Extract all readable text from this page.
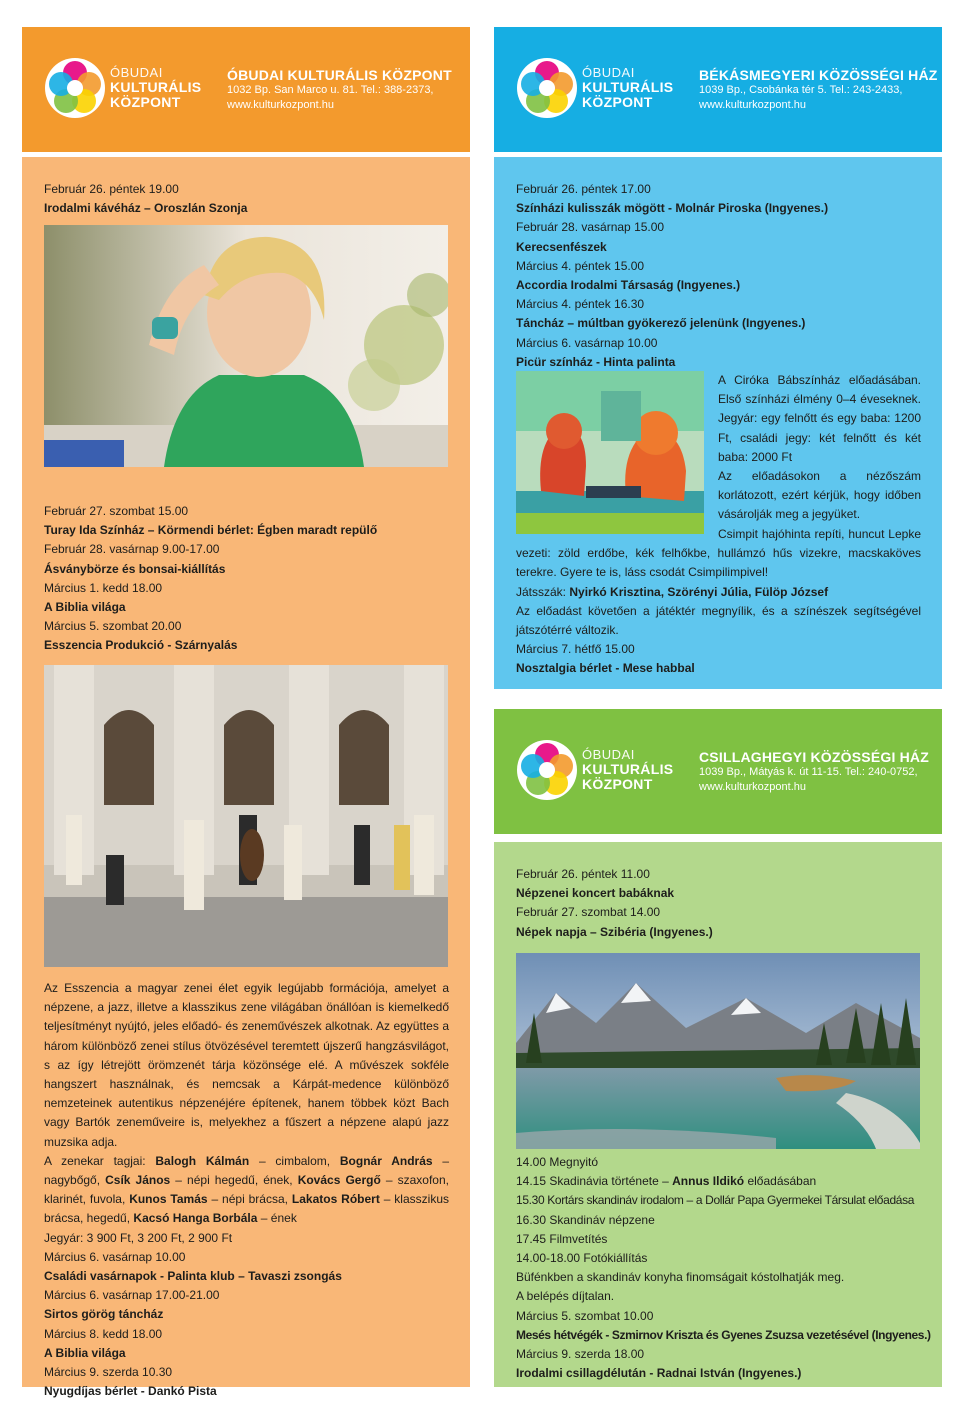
ÓBUDAI
KULTURÁLIS
KÖZPONT
ÓBUDAI KULTURÁLIS KÖZPONT
1032 Bp. San Marco u. 81. Tel.: 388-2373,
www.kulturkozpont.hu
Február 26. péntek 19.00
Irodalmi kávéház – Oroszlán Szonja
Február 27. szombat 15.00
Turay Ida Színház – Körmendi bérlet: Égben maradt repülő
Február 28. vasárnap 9.00-17.00
Ásványbörze és bonsai-kiállítás
Március 1. kedd 18.00
A Biblia világa
Március 5. szombat 20.00
Esszencia Produkció - Szárnyalás
Az Esszencia a magyar zenei élet egyik legújabb formációja, amelyet a népzene, a jazz, illetve a klasszikus zene világában önállóan is kiemelkedő teljesítményt nyújtó, jeles előadó- és zeneművészek alkotnak. Az együttes a három különböző zenei stílus ötvözésével teremtett újszerű hangzásvilágot, s az így létrejött örömzenét tárja közönsége elé. A művészek sokféle hangszert használnak, és nemcsak a Kárpát-medence különböző nemzeteinek autentikus népzenéjére építenek, hanem többek közt Bach vagy Bartók zeneműveire is, melyekhez a fűszert a népzene alapú jazz muzsika adja.
A zenekar tagjai: Balogh Kálmán – cimbalom, Bognár András – nagybőgő, Csík János – népi hegedű, ének, Kovács Gergő – szaxofon, klarinét, fuvola, Kunos Tamás – népi brácsa, Lakatos Róbert – klasszikus brácsa, hegedű, Kacsó Hanga Borbála – ének
Jegyár: 3 900 Ft, 3 200 Ft, 2 900 Ft
Március 6. vasárnap 10.00
Családi vasárnapok - Palinta klub – Tavaszi zsongás
Március 6. vasárnap 17.00-21.00
Sirtos görög táncház
Március 8. kedd 18.00
A Biblia világa
Március 9. szerda 10.30
Nyugdíjas bérlet - Dankó Pista
ÓBUDAI
KULTURÁLIS
KÖZPONT
BÉKÁSMEGYERI KÖZÖSSÉGI HÁZ
1039 Bp., Csobánka tér 5. Tel.: 243-2433,
www.kulturkozpont.hu
Február 26. péntek 17.00
Színházi kulisszák mögött - Molnár Piroska (Ingyenes.)
Február 28. vasárnap 15.00
Kerecsenfészek
Március 4. péntek 15.00
Accordia Irodalmi Társaság (Ingyenes.)
Március 4. péntek 16.30
Táncház – múltban gyökerező jelenünk (Ingyenes.)
Március 6. vasárnap 10.00
Picür színház - Hinta palinta
A Ciróka Bábszínház előadásában. Első színházi élmény 0–4 éveseknek. Jegyár: egy felnőtt és egy baba: 1200 Ft, családi jegy: két felnőtt és két baba: 2000 Ft
Az előadásokon a nézőszám korlátozott, ezért kérjük, hogy időben vásárolják meg a jegyüket.
Csimpit hajóhinta repíti, huncut Lepke vezeti: zöld erdőbe, kék felhőkbe, hullámzó hűs vizekre, macskaköves terekre. Gyere te is, láss csodát Csimpilimpivel!
Játsszák: Nyirkó Krisztina, Szörényi Júlia, Fülöp József
Az előadást követően a játéktér megnyílik, és a színészek segítségével játszótérré változik.
Március 7. hétfő 15.00
Nosztalgia bérlet - Mese habbal
ÓBUDAI
KULTURÁLIS
KÖZPONT
CSILLAGHEGYI KÖZÖSSÉGI HÁZ
1039 Bp., Mátyás k. út 11-15. Tel.: 240-0752,
www.kulturkozpont.hu
Február 26. péntek 11.00
Népzenei koncert babáknak
Február 27. szombat 14.00
Népek napja – Szibéria (Ingyenes.)
14.00 Megnyitó
14.15 Skadinávia története – Annus Ildikó előadásában
15.30 Kortárs skandináv irodalom – a Dollár Papa Gyermekei Társulat előadása
16.30 Skandináv népzene
17.45 Filmvetítés
14.00-18.00 Fotókiállítás
Büfénkben a skandináv konyha finomságait kóstolhatják meg.
A belépés díjtalan.
Március 5. szombat 10.00
Mesés hétvégék - Szmirnov Kriszta és Gyenes Zsuzsa vezetésével (Ingyenes.)
Március 9. szerda 18.00
Irodalmi csillagdélután - Radnai István (Ingyenes.)
